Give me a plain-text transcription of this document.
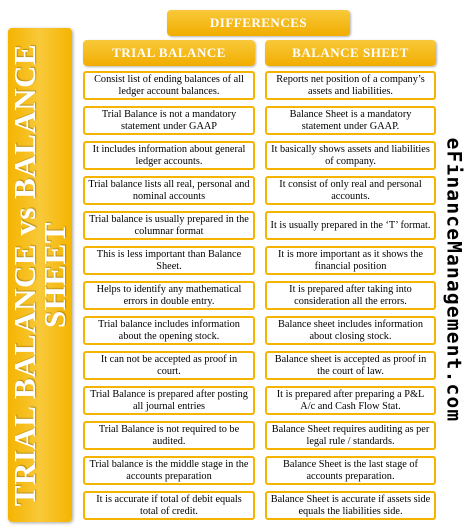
TRIAL BALANCE vs BALANCE SHEET
DIFFERENCES
TRIAL BALANCE	BALANCE SHEET
Consist list of ending balances of all ledger account balances.
Trial Balance is not a mandatory statement under GAAP
It includes information about general ledger accounts.
Trial balance lists all real, personal and nominal accounts
Trial balance is usually prepared in the columnar format
This is less important than Balance Sheet.
Helps to identify any mathematical errors in double entry.
Trial balance includes information about the opening stock.
It can not be accepted as proof in court.
Trial Balance is prepared after posting all journal entries
Trial Balance is not required to be audited.
Trial balance is the middle stage in the accounts preparation
It is accurate if total of debit equals total of credit.
Reports net position of a company’s assets and liabilities.
Balance Sheet is a mandatory statement under GAAP.
It basically shows assets and liabilities of company.
It consist of only real and personal accounts.
It is usually prepared in the ‘T’ format.
It is more important as it shows the financial position
It is prepared after taking into consideration all the errors.
Balance sheet includes information about closing stock.
Balance sheet is accepted as proof in the court of law.
It is prepared after preparing a P&L A/c and Cash Flow Stat.
Balance Sheet requires auditing as per legal rule / standards.
Balance Sheet is the last stage of accounts preparation.
Balance Sheet is accurate if assets side equals the liabilities side.
eFinanceManagement.com
